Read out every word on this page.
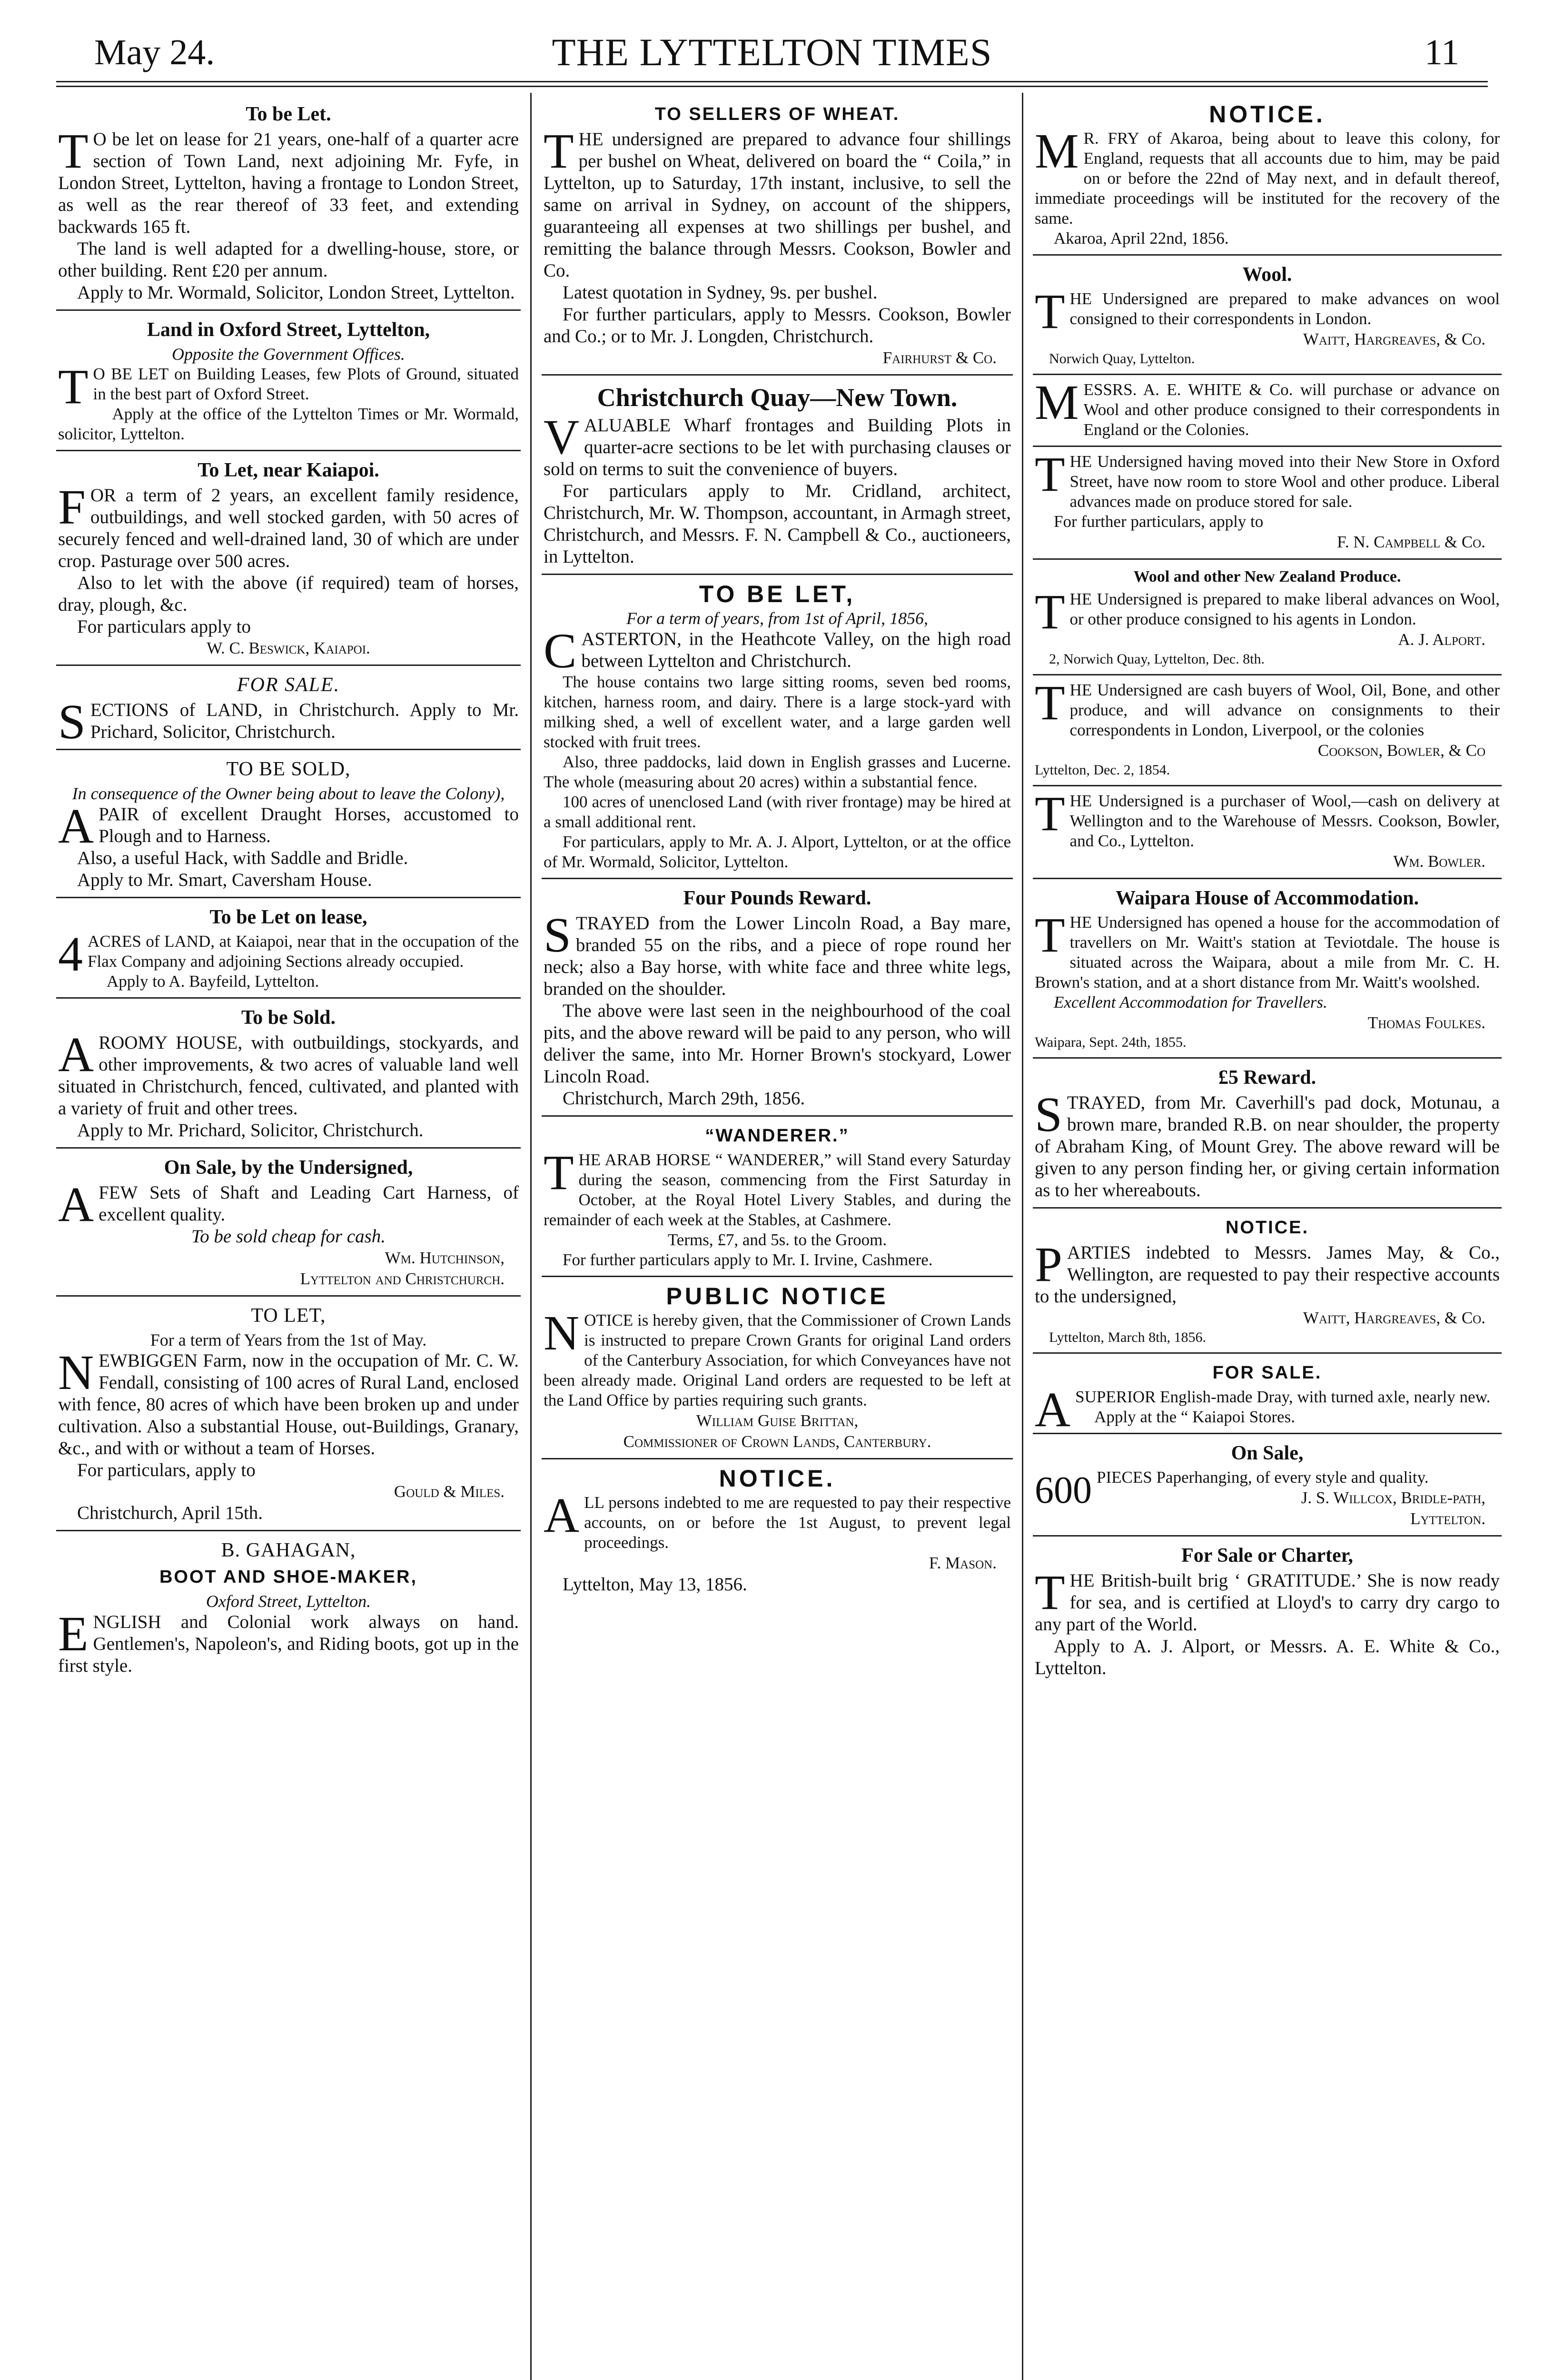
THE LYTTELTON TIMES
May 24.	11
To be Let.

T O be let on lease for 21 years, one-half of a quarter acre section of Town Land, next adjoining Mr. Fyfe, in London Street, Lyttelton, having a frontage to London Street, as well as the rear thereof of 33 feet, and extending backwards 165 ft.

The land is well adapted for a dwelling-house, store, or other building. Rent £20 per annum.

Apply to Mr. Wormald, Solicitor, London Street, Lyttelton.

Land in Oxford Street, Lyttelton,
Opposite the Government Offices.

T O BE LET on Building Leases, few Plots of Ground, situated in the best part of Oxford Street.

Apply at the office of the Lyttelton Times or Mr. Wormald, solicitor, Lyttelton.

To Let, near Kaiapoi.

FOR a term of 2 years, an excellent family residence, outbuildings, and well stocked garden, with 50 acres of securely fenced and well-drained land, 30 of which are under crop. Pasturage over 500 acres.

Also to let with the above (if required) team of horses, dray, plough, &c.

For particulars apply to

W. C. Beswick, Kaiapoi.
FOR SALE.

SECTIONS of LAND, in Christchurch. Apply to Mr. Prichard, Solicitor, Christchurch.

TO BE SOLD,
In consequence of the Owner being about to leave the Colony),

APAIR of excellent Draught Horses, accustomed to Plough and to Harness.

Also, a useful Hack, with Saddle and Bridle.

Apply to Mr. Smart, Caversham House.

To be Let on lease,

4 ACRES of LAND, at Kaiapoi, near that in the occupation of the Flax Company and adjoining Sections already occupied.

Apply to A. Bayfeild, Lyttelton.

To be Sold.

AROOMY HOUSE, with outbuildings, stockyards, and other improvements, & two acres of valuable land well situated in Christchurch, fenced, cultivated, and planted with a variety of fruit and other trees.

Apply to Mr. Prichard, Solicitor, Christchurch.

On Sale, by the Undersigned,

AFEW Sets of Shaft and Leading Cart Harness, of excellent quality.

To be sold cheap for cash.

Wm. Hutchinson,
Lyttelton and Christchurch.
TO LET,
For a term of Years from the 1st of May.

NEWBIGGEN Farm, now in the occupation of Mr. C. W. Fendall, consisting of 100 acres of Rural Land, enclosed with fence, 80 acres of which have been broken up and under cultivation. Also a substantial House, out-Buildings, Granary, &c., and with or without a team of Horses.

For particulars, apply to

Gould & Miles.
Christchurch, April 15th.
B. GAHAGAN,
BOOT AND SHOE-MAKER,
Oxford Street, Lyttelton.

ENGLISH and Colonial work always on hand. Gentlemen's, Napoleon's, and Riding boots, got up in the first style.

TO SELLERS OF WHEAT.

THE undersigned are prepared to advance four shillings per bushel on Wheat, delivered on board the “ Coila,” in Lyttelton, up to Saturday, 17th instant, inclusive, to sell the same on arrival in Sydney, on account of the shippers, guaranteeing all expenses at two shillings per bushel, and remitting the balance through Messrs. Cookson, Bowler and Co.

Latest quotation in Sydney, 9s. per bushel.

For further particulars, apply to Messrs. Cookson, Bowler and Co.; or to Mr. J. Longden, Christchurch.

Fairhurst & Co.
Christchurch Quay—New Town.

VALUABLE Wharf frontages and Building Plots in quarter-acre sections to be let with purchasing clauses or sold on terms to suit the convenience of buyers.

For particulars apply to Mr. Cridland, architect, Christchurch, Mr. W. Thompson, accountant, in Armagh street, Christchurch, and Messrs. F. N. Campbell & Co., auctioneers, in Lyttelton.

TO BE LET,
For a term of years, from 1st of April, 1856,

CASTERTON, in the Heathcote Valley, on the high road between Lyttelton and Christchurch.

The house contains two large sitting rooms, seven bed rooms, kitchen, harness room, and dairy. There is a large stock-yard with milking shed, a well of excellent water, and a large garden well stocked with fruit trees.

Also, three paddocks, laid down in English grasses and Lucerne. The whole (measuring about 20 acres) within a substantial fence.

100 acres of unenclosed Land (with river frontage) may be hired at a small additional rent.

For particulars, apply to Mr. A. J. Alport, Lyttelton, or at the office of Mr. Wormald, Solicitor, Lyttelton.

Four Pounds Reward.

STRAYED from the Lower Lincoln Road, a Bay mare, branded 55 on the ribs, and a piece of rope round her neck; also a Bay horse, with white face and three white legs, branded on the shoulder.

The above were last seen in the neighbourhood of the coal pits, and the above reward will be paid to any person, who will deliver the same, into Mr. Horner Brown's stockyard, Lower Lincoln Road.

Christchurch, March 29th, 1856.
“WANDERER.”

THE ARAB HORSE “ WANDERER,” will Stand every Saturday during the season, commencing from the First Saturday in October, at the Royal Hotel Livery Stables, and during the remainder of each week at the Stables, at Cashmere.

Terms, £7, and 5s. to the Groom.

For further particulars apply to Mr. I. Irvine, Cashmere.

PUBLIC NOTICE

NOTICE is hereby given, that the Commissioner of Crown Lands is instructed to prepare Crown Grants for original Land orders of the Canterbury Association, for which Conveyances have not been already made. Original Land orders are requested to be left at the Land Office by parties requiring such grants.

William Guise Brittan,
Commissioner of Crown Lands, Canterbury.
NOTICE.

ALL persons indebted to me are requested to pay their respective accounts, on or before the 1st August, to prevent legal proceedings.

F. Mason.
Lyttelton, May 13, 1856.
NOTICE.

M R. FRY of Akaroa, being about to leave this colony, for England, requests that all accounts due to him, may be paid on or before the 22nd of May next, and in default thereof, immediate proceedings will be instituted for the recovery of the same.

Akaroa, April 22nd, 1856.
Wool.

THE Undersigned are prepared to make advances on wool consigned to their correspondents in London.

Waitt, Hargreaves, & Co.
Norwich Quay, Lyttelton.

MESSRS. A. E. WHITE & Co. will purchase or advance on Wool and other produce consigned to their correspondents in England or the Colonies.

THE Undersigned having moved into their New Store in Oxford Street, have now room to store Wool and other produce. Liberal advances made on produce stored for sale.

For further particulars, apply to

F. N. Campbell & Co.
Wool and other New Zealand Produce.

THE Undersigned is prepared to make liberal advances on Wool, or other produce consigned to his agents in London.

A. J. Alport.
2, Norwich Quay, Lyttelton, Dec. 8th.

THE Undersigned are cash buyers of Wool, Oil, Bone, and other produce, and will advance on consignments to their correspondents in London, Liverpool, or the colonies

Cookson, Bowler, & Co
Lyttelton, Dec. 2, 1854.

THE Undersigned is a purchaser of Wool,—cash on delivery at Wellington and to the Warehouse of Messrs. Cookson, Bowler, and Co., Lyttelton.

Wm. Bowler.
Waipara House of Accommodation.

THE Undersigned has opened a house for the accommodation of travellers on Mr. Waitt's station at Teviotdale. The house is situated across the Waipara, about a mile from Mr. C. H. Brown's station, and at a short distance from Mr. Waitt's woolshed.

Excellent Accommodation for Travellers.

Thomas Foulkes.
Waipara, Sept. 24th, 1855.
£5 Reward.

STRAYED, from Mr. Caverhill's pad dock, Motunau, a brown mare, branded R.B. on near shoulder, the property of Abraham King, of Mount Grey. The above reward will be given to any person finding her, or giving certain information as to her whereabouts.

NOTICE.

PARTIES indebted to Messrs. James May, & Co., Wellington, are requested to pay their respective accounts to the undersigned,

Waitt, Hargreaves, & Co.
Lyttelton, March 8th, 1856.
FOR SALE.

ASUPERIOR English-made Dray, with turned axle, nearly new.

Apply at the “ Kaiapoi Stores.

On Sale,

600 PIECES Paperhanging, of every style and quality.

J. S. Willcox, Bridle-path,
Lyttelton.
For Sale or Charter,

THE British-built brig ‘ GRATITUDE.’ She is now ready for sea, and is certified at Lloyd's to carry dry cargo to any part of the World.

Apply to A. J. Alport, or Messrs. A. E. White & Co., Lyttelton.
